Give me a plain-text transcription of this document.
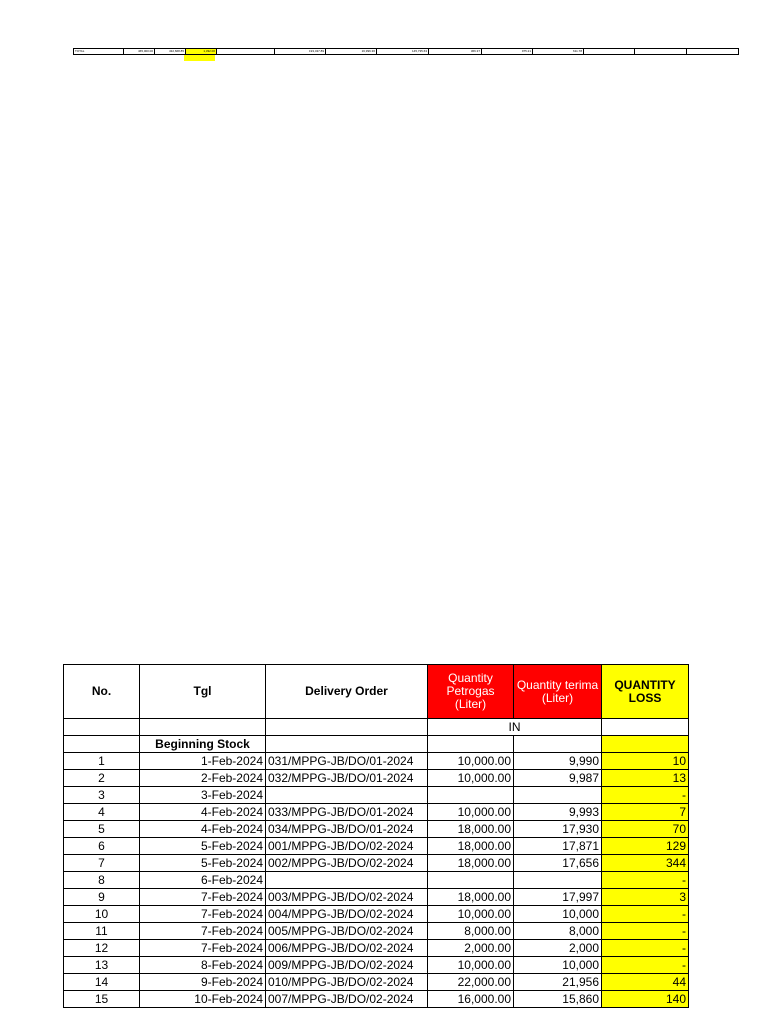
TOTAL	465,000.00	432,668.85	1,332.00		193,437.89	16,996.36	145,735.63	366.37	975.21	611.78			
No.	Tgl	Delivery Order	Quantity Petrogas (Liter)	Quantity terima (Liter)	QUANTITY LOSS
			IN		
	Beginning Stock				
1	1-Feb-2024	031/MPPG-JB/DO/01-2024	10,000.00	9,990	10
2	2-Feb-2024	032/MPPG-JB/DO/01-2024	10,000.00	9,987	13
3	3-Feb-2024				-
4	4-Feb-2024	033/MPPG-JB/DO/01-2024	10,000.00	9,993	7
5	4-Feb-2024	034/MPPG-JB/DO/01-2024	18,000.00	17,930	70
6	5-Feb-2024	001/MPPG-JB/DO/02-2024	18,000.00	17,871	129
7	5-Feb-2024	002/MPPG-JB/DO/02-2024	18,000.00	17,656	344
8	6-Feb-2024				-
9	7-Feb-2024	003/MPPG-JB/DO/02-2024	18,000.00	17,997	3
10	7-Feb-2024	004/MPPG-JB/DO/02-2024	10,000.00	10,000	-
11	7-Feb-2024	005/MPPG-JB/DO/02-2024	8,000.00	8,000	-
12	7-Feb-2024	006/MPPG-JB/DO/02-2024	2,000.00	2,000	-
13	8-Feb-2024	009/MPPG-JB/DO/02-2024	10,000.00	10,000	-
14	9-Feb-2024	010/MPPG-JB/DO/02-2024	22,000.00	21,956	44
15	10-Feb-2024	007/MPPG-JB/DO/02-2024	16,000.00	15,860	140
